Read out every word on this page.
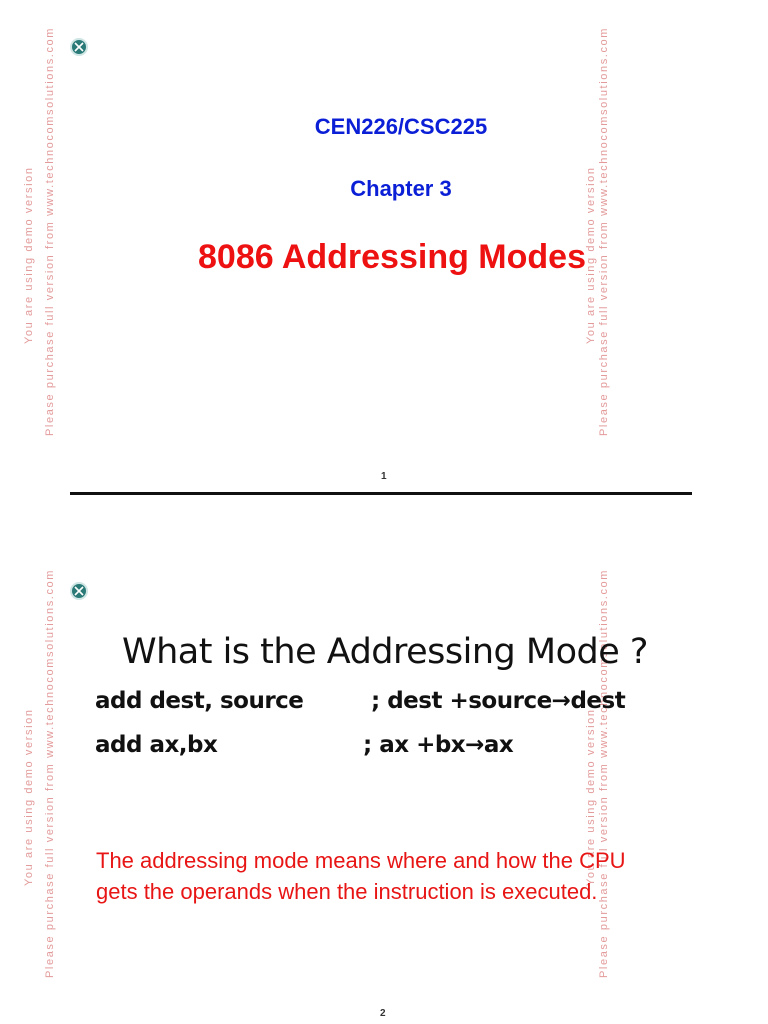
You are using demo version Please purchase full version from www.technocomsolutions.com	You are using demo version Please purchase full version from www.technocomsolutions.com
CEN226/CSC225
Chapter 3
8086 Addressing Modes
1
You are using demo version Please purchase full version from www.technocomsolutions.com	You are using demo version Please purchase full version from www.technocomsolutions.com
What is the Addressing Mode ?
add dest, source	; dest +source→dest
add ax,bx	; ax +bx→ax
The addressing mode means where and how the CPU gets the operands when the instruction is executed.
2
